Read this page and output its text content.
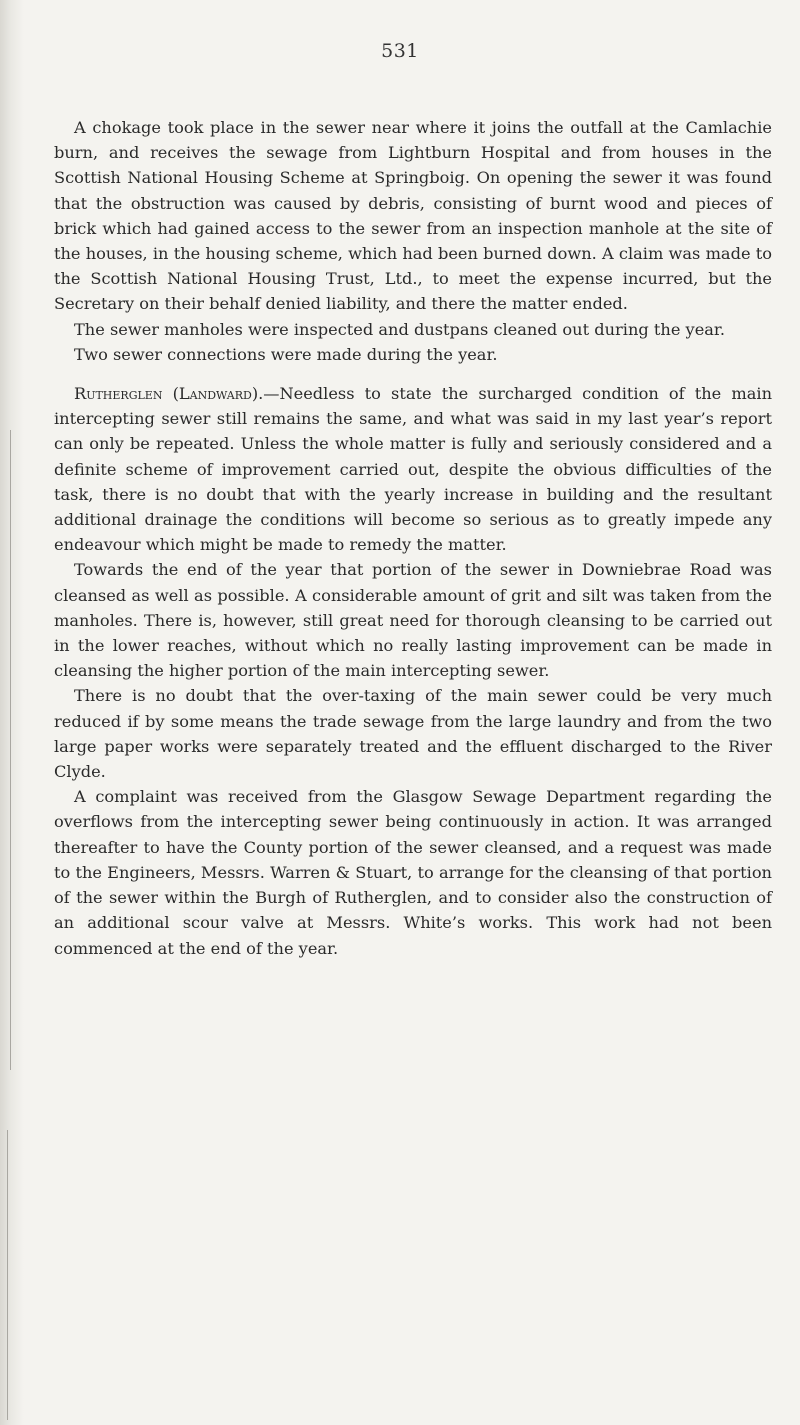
531

A chokage took place in the sewer near where it joins the outfall at the Camlachie burn, and receives the sewage from Lightburn Hospital and from houses in the Scottish National Housing Scheme at Springboig. On opening the sewer it was found that the obstruction was caused by debris, consisting of burnt wood and pieces of brick which had gained access to the sewer from an inspection manhole at the site of the houses, in the housing scheme, which had been burned down. A claim was made to the Scottish National Housing Trust, Ltd., to meet the expense incurred, but the Secretary on their behalf denied liability, and there the matter ended.

The sewer manholes were inspected and dustpans cleaned out during the year.

Two sewer connections were made during the year.

Rutherglen (Landward).—Needless to state the surcharged condition of the main intercepting sewer still remains the same, and what was said in my last year’s report can only be repeated. Unless the whole matter is fully and seriously considered and a definite scheme of improvement carried out, despite the obvious difficulties of the task, there is no doubt that with the yearly increase in building and the resultant additional drainage the conditions will become so serious as to greatly impede any endeavour which might be made to remedy the matter.

Towards the end of the year that portion of the sewer in Downiebrae Road was cleansed as well as possible. A considerable amount of grit and silt was taken from the manholes. There is, however, still great need for thorough cleansing to be carried out in the lower reaches, without which no really lasting improvement can be made in cleansing the higher portion of the main intercepting sewer.

There is no doubt that the over-taxing of the main sewer could be very much reduced if by some means the trade sewage from the large laundry and from the two large paper works were separately treated and the effluent discharged to the River Clyde.

A complaint was received from the Glasgow Sewage Department regarding the overflows from the intercepting sewer being continuously in action. It was arranged thereafter to have the County portion of the sewer cleansed, and a request was made to the Engineers, Messrs. Warren & Stuart, to arrange for the cleansing of that portion of the sewer within the Burgh of Rutherglen, and to consider also the construction of an additional scour valve at Messrs. White’s works. This work had not been commenced at the end of the year.
